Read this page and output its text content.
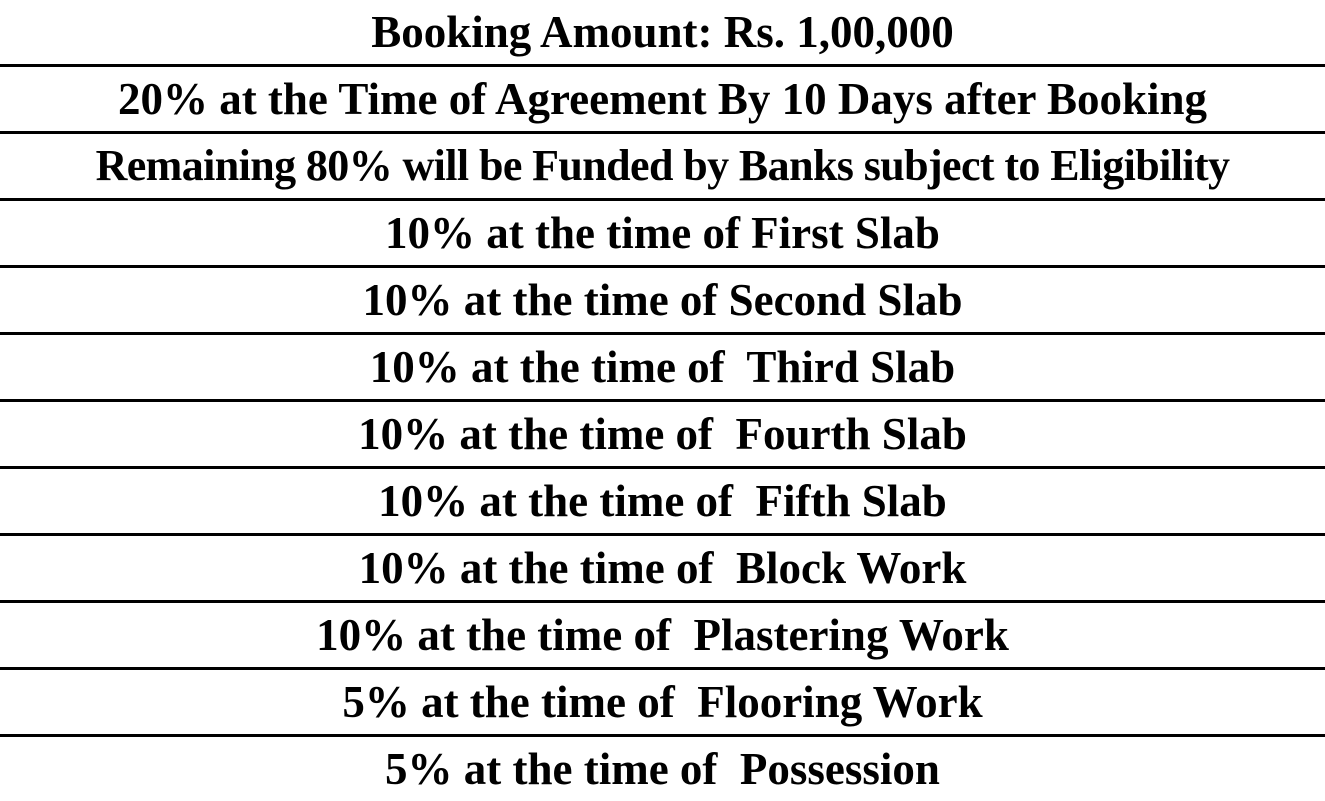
Booking Amount: Rs. 1,00,000
20% at the Time of Agreement By 10 Days after Booking
Remaining 80% will be Funded by Banks subject to Eligibility
10% at the time of First Slab
10% at the time of Second Slab
10% at the time of  Third Slab
10% at the time of  Fourth Slab
10% at the time of  Fifth Slab
10% at the time of  Block Work
10% at the time of  Plastering Work
5% at the time of  Flooring Work
5% at the time of  Possession
